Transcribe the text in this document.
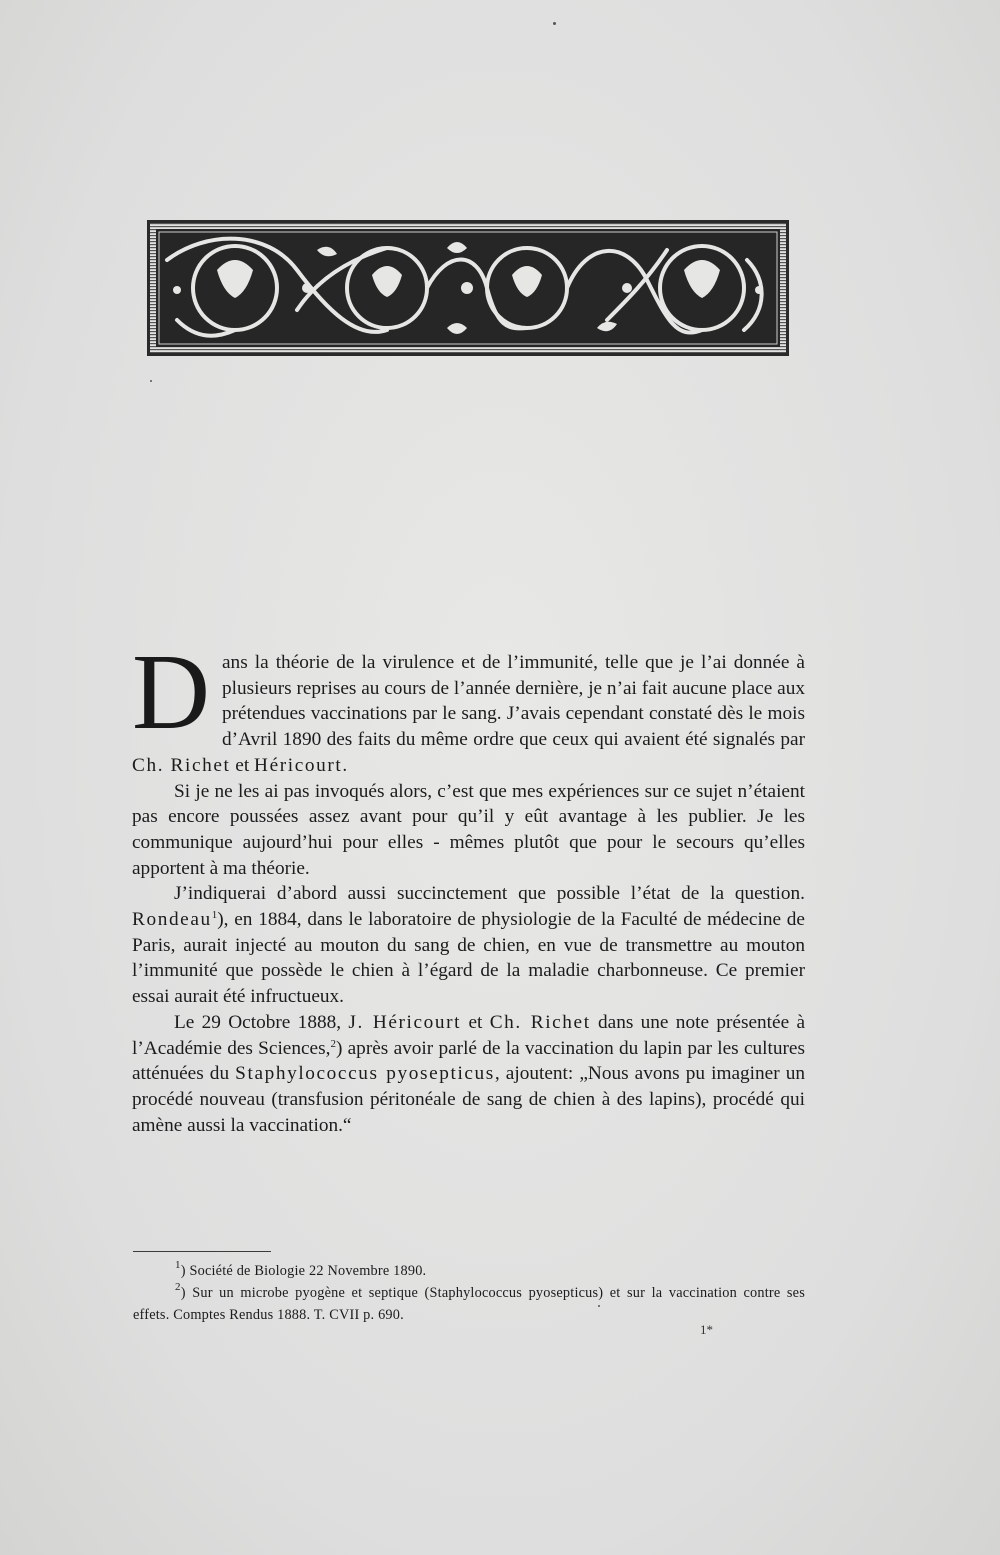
Dans la théorie de la virulence et de l’immunité, telle que je l’ai donnée à plusieurs reprises au cours de l’année dernière, je n’ai fait aucune place aux prétendues vaccinations par le sang. J’avais cependant constaté dès le mois d’Avril 1890 des faits du même ordre que ceux qui avaient été signalés par Ch. Richet et Héricourt.

Si je ne les ai pas invoqués alors, c’est que mes expériences sur ce sujet n’étaient pas encore poussées assez avant pour qu’il y eût avantage à les publier. Je les communique aujourd’hui pour elles - mêmes plutôt que pour le secours qu’elles apportent à ma théorie.

J’indiquerai d’abord aussi succinctement que possible l’état de la question. Rondeau$^1$), en 1884, dans le laboratoire de physiologie de la Faculté de médecine de Paris, aurait injecté au mouton du sang de chien, en vue de transmettre au mouton l’immunité que possède le chien à l’égard de la maladie charbonneuse. Ce premier essai aurait été infructueux.

Le 29 Octobre 1888, J. Héricourt et Ch. Richet dans une note présentée à l’Académie des Sciences,$^2$) après avoir parlé de la vaccination du lapin par les cultures atténuées du Staphylococcus pyosepticus, ajoutent: „Nous avons pu imaginer un procédé nouveau (transfusion péritonéale de sang de chien à des lapins), procédé qui amène aussi la vaccination.“

$^1$) Société de Biologie 22 Novembre 1890.

$^2$) Sur un microbe pyogène et septique (Staphylococcus pyosepticus) et sur la vaccination contre ses effets. Comptes Rendus 1888. T. CVII p. 690.

1*
